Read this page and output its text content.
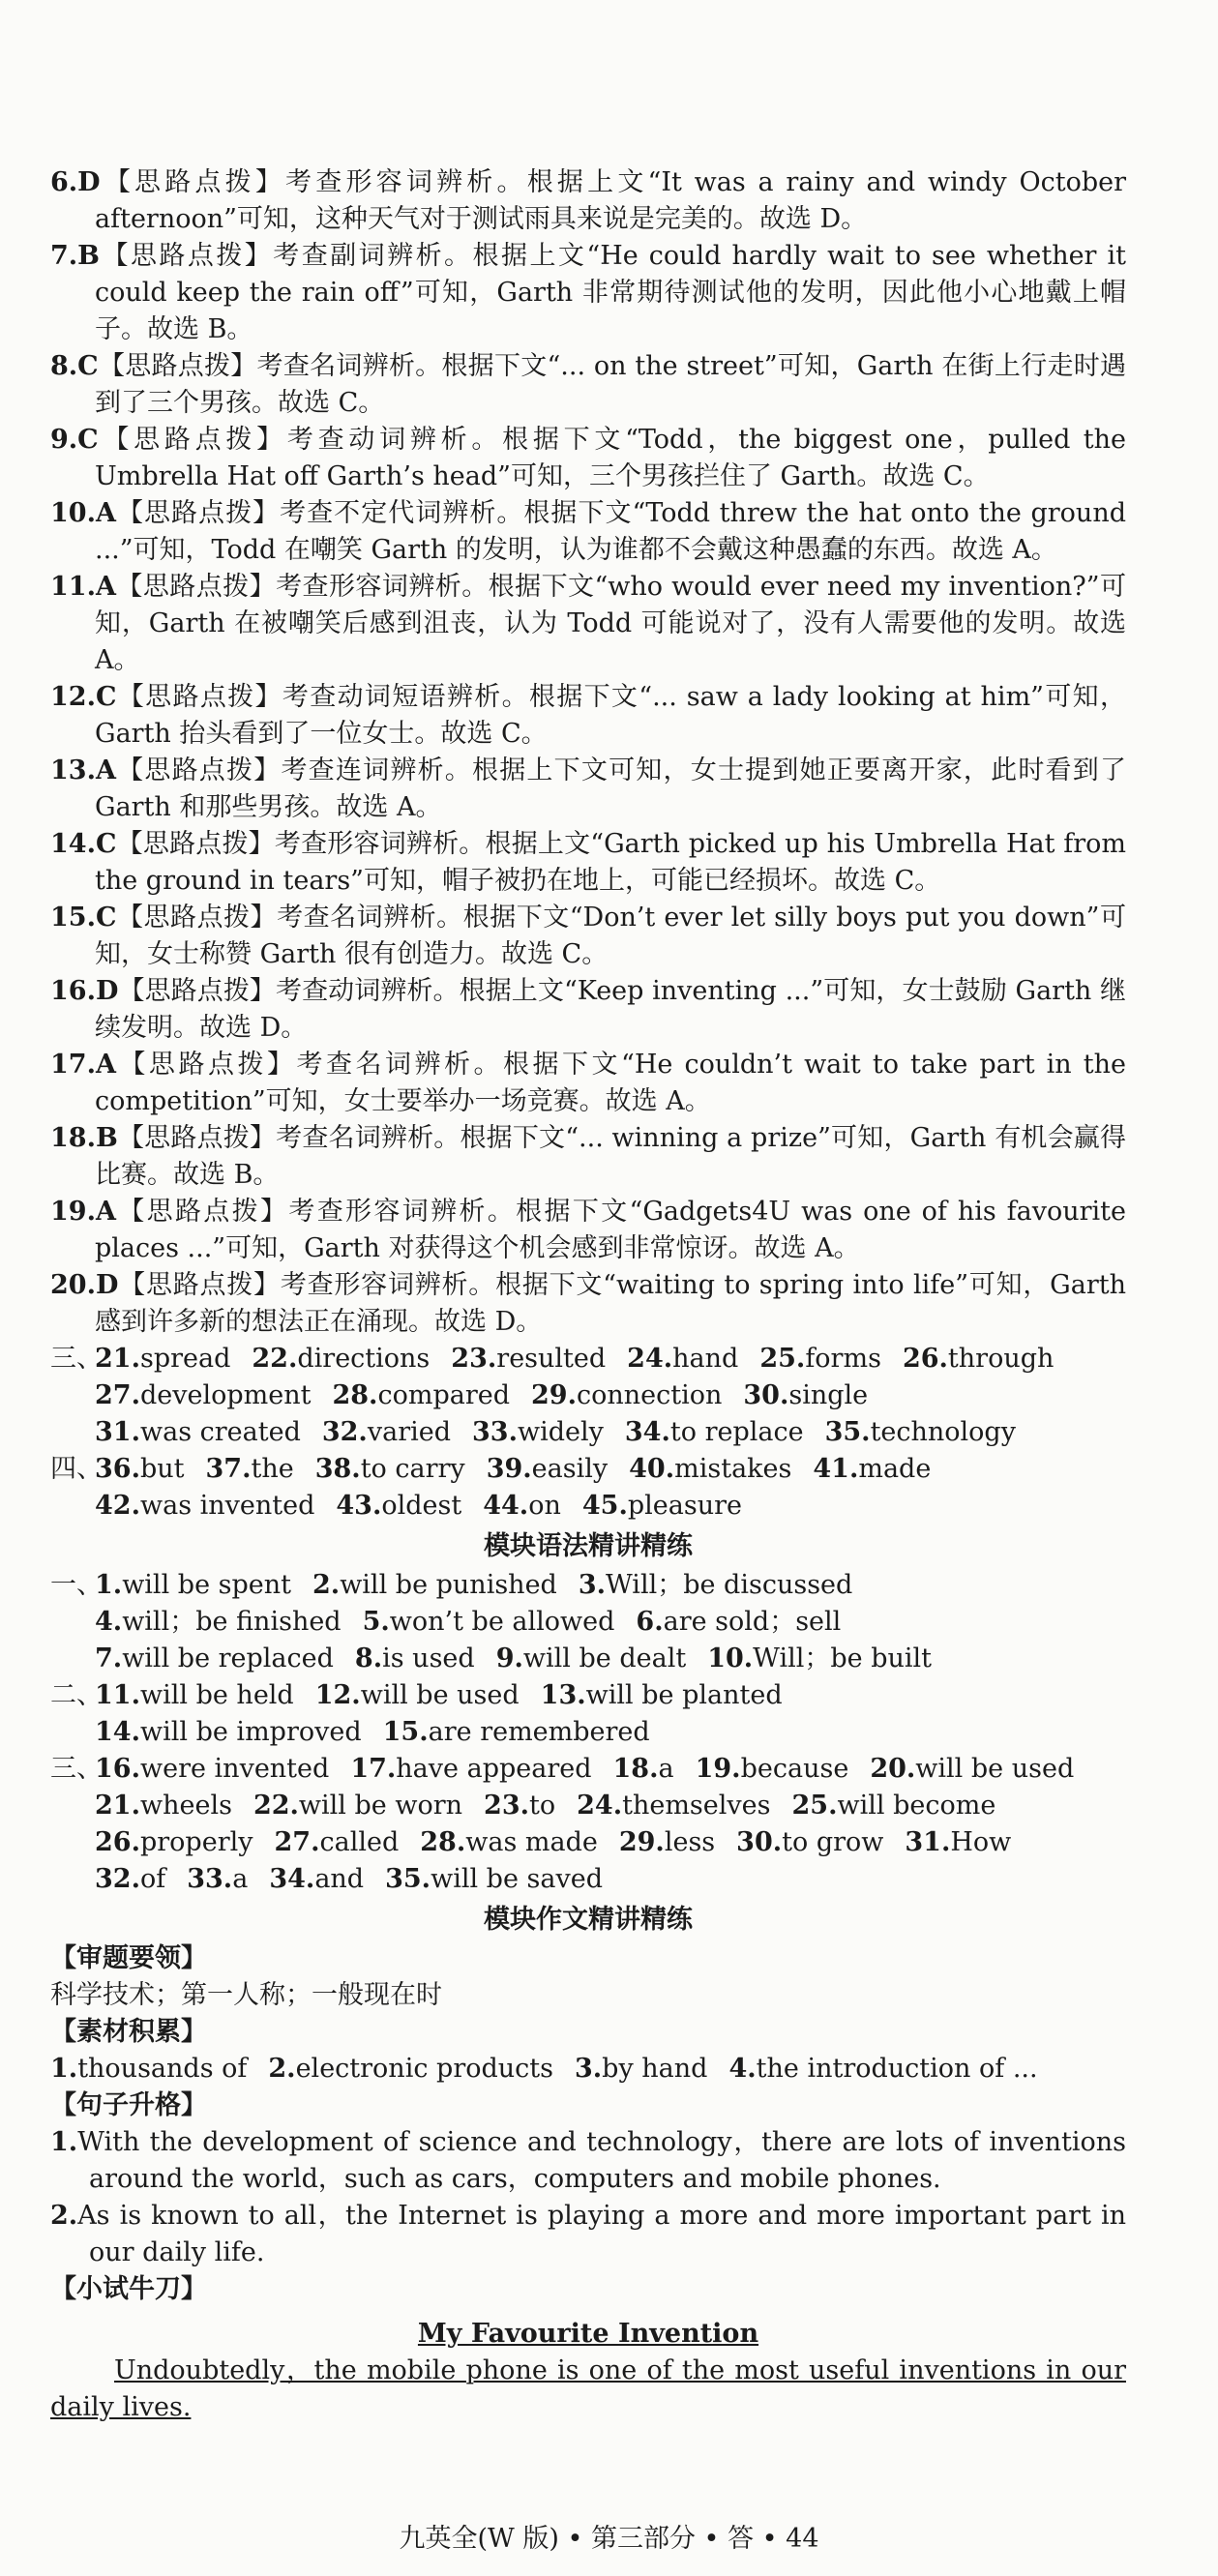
6.D【思路点拨】考查形容词辨析。根据上文“It was a rainy and windy October afternoon”可知，这种天气对于测试雨具来说是完美的。故选 D。

7.B【思路点拨】考查副词辨析。根据上文“He could hardly wait to see whether it could keep the rain off”可知，Garth 非常期待测试他的发明，因此他小心地戴上帽子。故选 B。

8.C【思路点拨】考查名词辨析。根据下文“... on the street”可知，Garth 在街上行走时遇到了三个男孩。故选 C。

9.C【思路点拨】考查动词辨析。根据下文“Todd，the biggest one，pulled the Umbrella Hat off Garth’s head”可知，三个男孩拦住了 Garth。故选 C。

10.A【思路点拨】考查不定代词辨析。根据下文“Todd threw the hat onto the ground ...”可知，Todd 在嘲笑 Garth 的发明，认为谁都不会戴这种愚蠢的东西。故选 A。

11.A【思路点拨】考查形容词辨析。根据下文“who would ever need my invention?”可知，Garth 在被嘲笑后感到沮丧，认为 Todd 可能说对了，没有人需要他的发明。故选 A。

12.C【思路点拨】考查动词短语辨析。根据下文“... saw a lady looking at him”可知，Garth 抬头看到了一位女士。故选 C。

13.A【思路点拨】考查连词辨析。根据上下文可知，女士提到她正要离开家，此时看到了 Garth 和那些男孩。故选 A。

14.C【思路点拨】考查形容词辨析。根据上文“Garth picked up his Umbrella Hat from the ground in tears”可知，帽子被扔在地上，可能已经损坏。故选 C。

15.C【思路点拨】考查名词辨析。根据下文“Don’t ever let silly boys put you down”可知，女士称赞 Garth 很有创造力。故选 C。

16.D【思路点拨】考查动词辨析。根据上文“Keep inventing ...”可知，女士鼓励 Garth 继续发明。故选 D。

17.A【思路点拨】考查名词辨析。根据下文“He couldn’t wait to take part in the competition”可知，女士要举办一场竞赛。故选 A。

18.B【思路点拨】考查名词辨析。根据下文“... winning a prize”可知，Garth 有机会赢得比赛。故选 B。

19.A【思路点拨】考查形容词辨析。根据下文“Gadgets4U was one of his favourite places ...”可知，Garth 对获得这个机会感到非常惊讶。故选 A。

20.D【思路点拨】考查形容词辨析。根据下文“waiting to spring into life”可知，Garth 感到许多新的想法正在涌现。故选 D。

三、21.spread 22.directions 23.resulted 24.hand 25.forms 26.through

27.development 28.compared 29.connection 30.single

31.was created 32.varied 33.widely 34.to replace 35.technology

四、36.but 37.the 38.to carry 39.easily 40.mistakes 41.made

42.was invented 43.oldest 44.on 45.pleasure

模块语法精讲精练

一、1.will be spent 2.will be punished 3.Will；be discussed

4.will；be finished 5.won’t be allowed 6.are sold；sell

7.will be replaced 8.is used 9.will be dealt 10.Will；be built

二、11.will be held 12.will be used 13.will be planted

14.will be improved 15.are remembered

三、16.were invented 17.have appeared 18.a 19.because 20.will be used

21.wheels 22.will be worn 23.to 24.themselves 25.will become

26.properly 27.called 28.was made 29.less 30.to grow 31.How

32.of 33.a 34.and 35.will be saved

模块作文精讲精练

【审题要领】

科学技术；第一人称；一般现在时

【素材积累】

1.thousands of 2.electronic products 3.by hand 4.the introduction of ...

【句子升格】

1.With the development of science and technology，there are lots of inventions around the world，such as cars，computers and mobile phones.

2.As is known to all，the Internet is playing a more and more important part in our daily life.

【小试牛刀】

My Favourite Invention

Undoubtedly，the mobile phone is one of the most useful inventions in our daily lives.

九英全(W 版) • 第三部分 • 答 • 44
